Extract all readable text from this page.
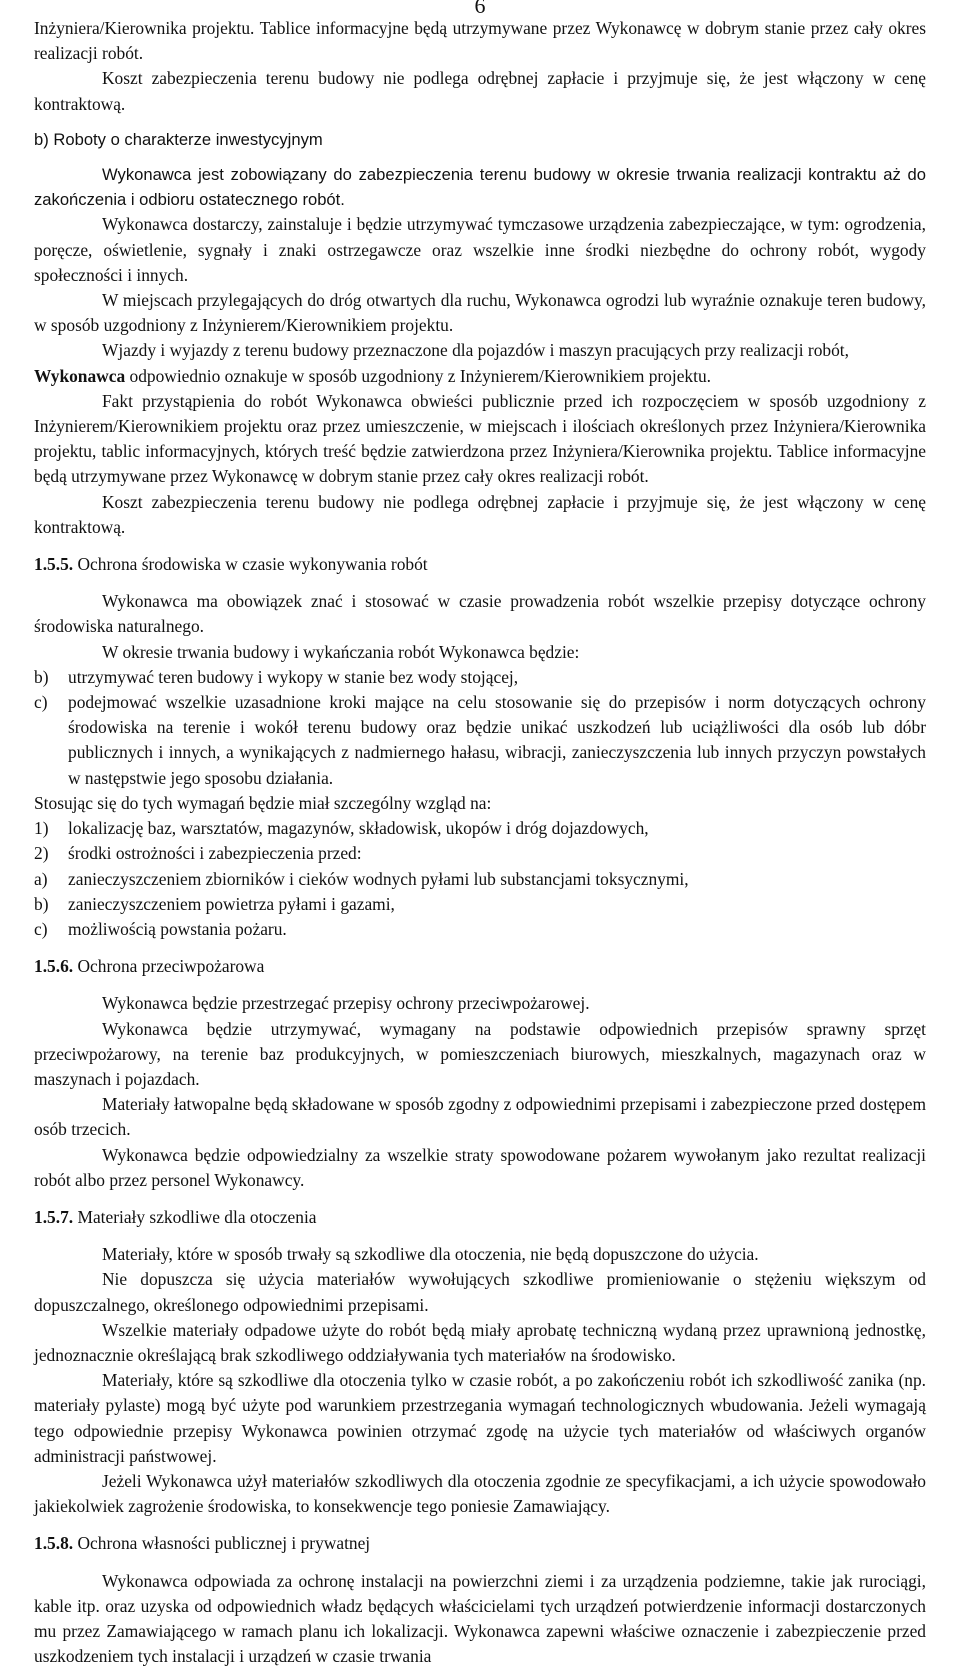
6

Inżyniera/Kierownika projektu. Tablice informacyjne będą utrzymywane przez Wykonawcę w dobrym stanie przez cały okres realizacji robót.

Koszt zabezpieczenia terenu budowy nie podlega odrębnej zapłacie i przyjmuje się, że jest włączony w cenę kontraktową.

b) Roboty o charakterze inwestycyjnym

Wykonawca jest zobowiązany do zabezpieczenia terenu budowy w okresie trwania realizacji kontraktu aż do zakończenia i odbioru ostatecznego robót.

Wykonawca dostarczy, zainstaluje i będzie utrzymywać tymczasowe urządzenia zabezpieczające, w tym: ogrodzenia, poręcze, oświetlenie, sygnały i znaki ostrzegawcze oraz wszelkie inne środki niezbędne do ochrony robót, wygody społeczności i innych.

W miejscach przylegających do dróg otwartych dla ruchu, Wykonawca ogrodzi lub wyraźnie oznakuje teren budowy, w sposób uzgodniony z Inżynierem/Kierownikiem projektu.

Wjazdy i wyjazdy z terenu budowy przeznaczone dla pojazdów i maszyn pracujących przy realizacji robót,

Wykonawca odpowiednio oznakuje w sposób uzgodniony z Inżynierem/Kierownikiem projektu.

Fakt przystąpienia do robót Wykonawca obwieści publicznie przed ich rozpoczęciem w sposób uzgodniony z Inżynierem/Kierownikiem projektu oraz przez umieszczenie, w miejscach i ilościach określonych przez Inżyniera/Kierownika projektu, tablic informacyjnych, których treść będzie zatwierdzona przez Inżyniera/Kierownika projektu. Tablice informacyjne będą utrzymywane przez Wykonawcę w dobrym stanie przez cały okres realizacji robót.

Koszt zabezpieczenia terenu budowy nie podlega odrębnej zapłacie i przyjmuje się, że jest włączony w cenę kontraktową.

1.5.5. Ochrona środowiska w czasie wykonywania robót

Wykonawca ma obowiązek znać i stosować w czasie prowadzenia robót wszelkie przepisy dotyczące ochrony środowiska naturalnego.

W okresie trwania budowy i wykańczania robót Wykonawca będzie:

b) utrzymywać teren budowy i wykopy w stanie bez wody stojącej,

c) podejmować wszelkie uzasadnione kroki mające na celu stosowanie się do przepisów i norm dotyczących ochrony środowiska na terenie i wokół terenu budowy oraz będzie unikać uszkodzeń lub uciążliwości dla osób lub dóbr publicznych i innych, a wynikających z nadmiernego hałasu, wibracji, zanieczyszczenia lub innych przyczyn powstałych w następstwie jego sposobu działania.

Stosując się do tych wymagań będzie miał szczególny wzgląd na:

1) lokalizację baz, warsztatów, magazynów, składowisk, ukopów i dróg dojazdowych,

2) środki ostrożności i zabezpieczenia przed:

a) zanieczyszczeniem zbiorników i cieków wodnych pyłami lub substancjami toksycznymi,

b) zanieczyszczeniem powietrza pyłami i gazami,

c) możliwością powstania pożaru.

1.5.6. Ochrona przeciwpożarowa

Wykonawca będzie przestrzegać przepisy ochrony przeciwpożarowej.

Wykonawca będzie utrzymywać, wymagany na podstawie odpowiednich przepisów sprawny sprzęt przeciwpożarowy, na terenie baz produkcyjnych, w pomieszczeniach biurowych, mieszkalnych, magazynach oraz w maszynach i pojazdach.

Materiały łatwopalne będą składowane w sposób zgodny z odpowiednimi przepisami i zabezpieczone przed dostępem osób trzecich.

Wykonawca będzie odpowiedzialny za wszelkie straty spowodowane pożarem wywołanym jako rezultat realizacji robót albo przez personel Wykonawcy.

1.5.7. Materiały szkodliwe dla otoczenia

Materiały, które w sposób trwały są szkodliwe dla otoczenia, nie będą dopuszczone do użycia.

Nie dopuszcza się użycia materiałów wywołujących szkodliwe promieniowanie o stężeniu większym od dopuszczalnego, określonego odpowiednimi przepisami.

Wszelkie materiały odpadowe użyte do robót będą miały aprobatę techniczną wydaną przez uprawnioną jednostkę, jednoznacznie określającą brak szkodliwego oddziaływania tych materiałów na środowisko.

Materiały, które są szkodliwe dla otoczenia tylko w czasie robót, a po zakończeniu robót ich szkodliwość zanika (np. materiały pylaste) mogą być użyte pod warunkiem przestrzegania wymagań technologicznych wbudowania. Jeżeli wymagają tego odpowiednie przepisy Wykonawca powinien otrzymać zgodę na użycie tych materiałów od właściwych organów administracji państwowej.

Jeżeli Wykonawca użył materiałów szkodliwych dla otoczenia zgodnie ze specyfikacjami, a ich użycie spowodowało jakiekolwiek zagrożenie środowiska, to konsekwencje tego poniesie Zamawiający.

1.5.8. Ochrona własności publicznej i prywatnej

Wykonawca odpowiada za ochronę instalacji na powierzchni ziemi i za urządzenia podziemne, takie jak rurociągi, kable itp. oraz uzyska od odpowiednich władz będących właścicielami tych urządzeń potwierdzenie informacji dostarczonych mu przez Zamawiającego w ramach planu ich lokalizacji. Wykonawca zapewni właściwe oznaczenie i zabezpieczenie przed uszkodzeniem tych instalacji i urządzeń w czasie trwania
